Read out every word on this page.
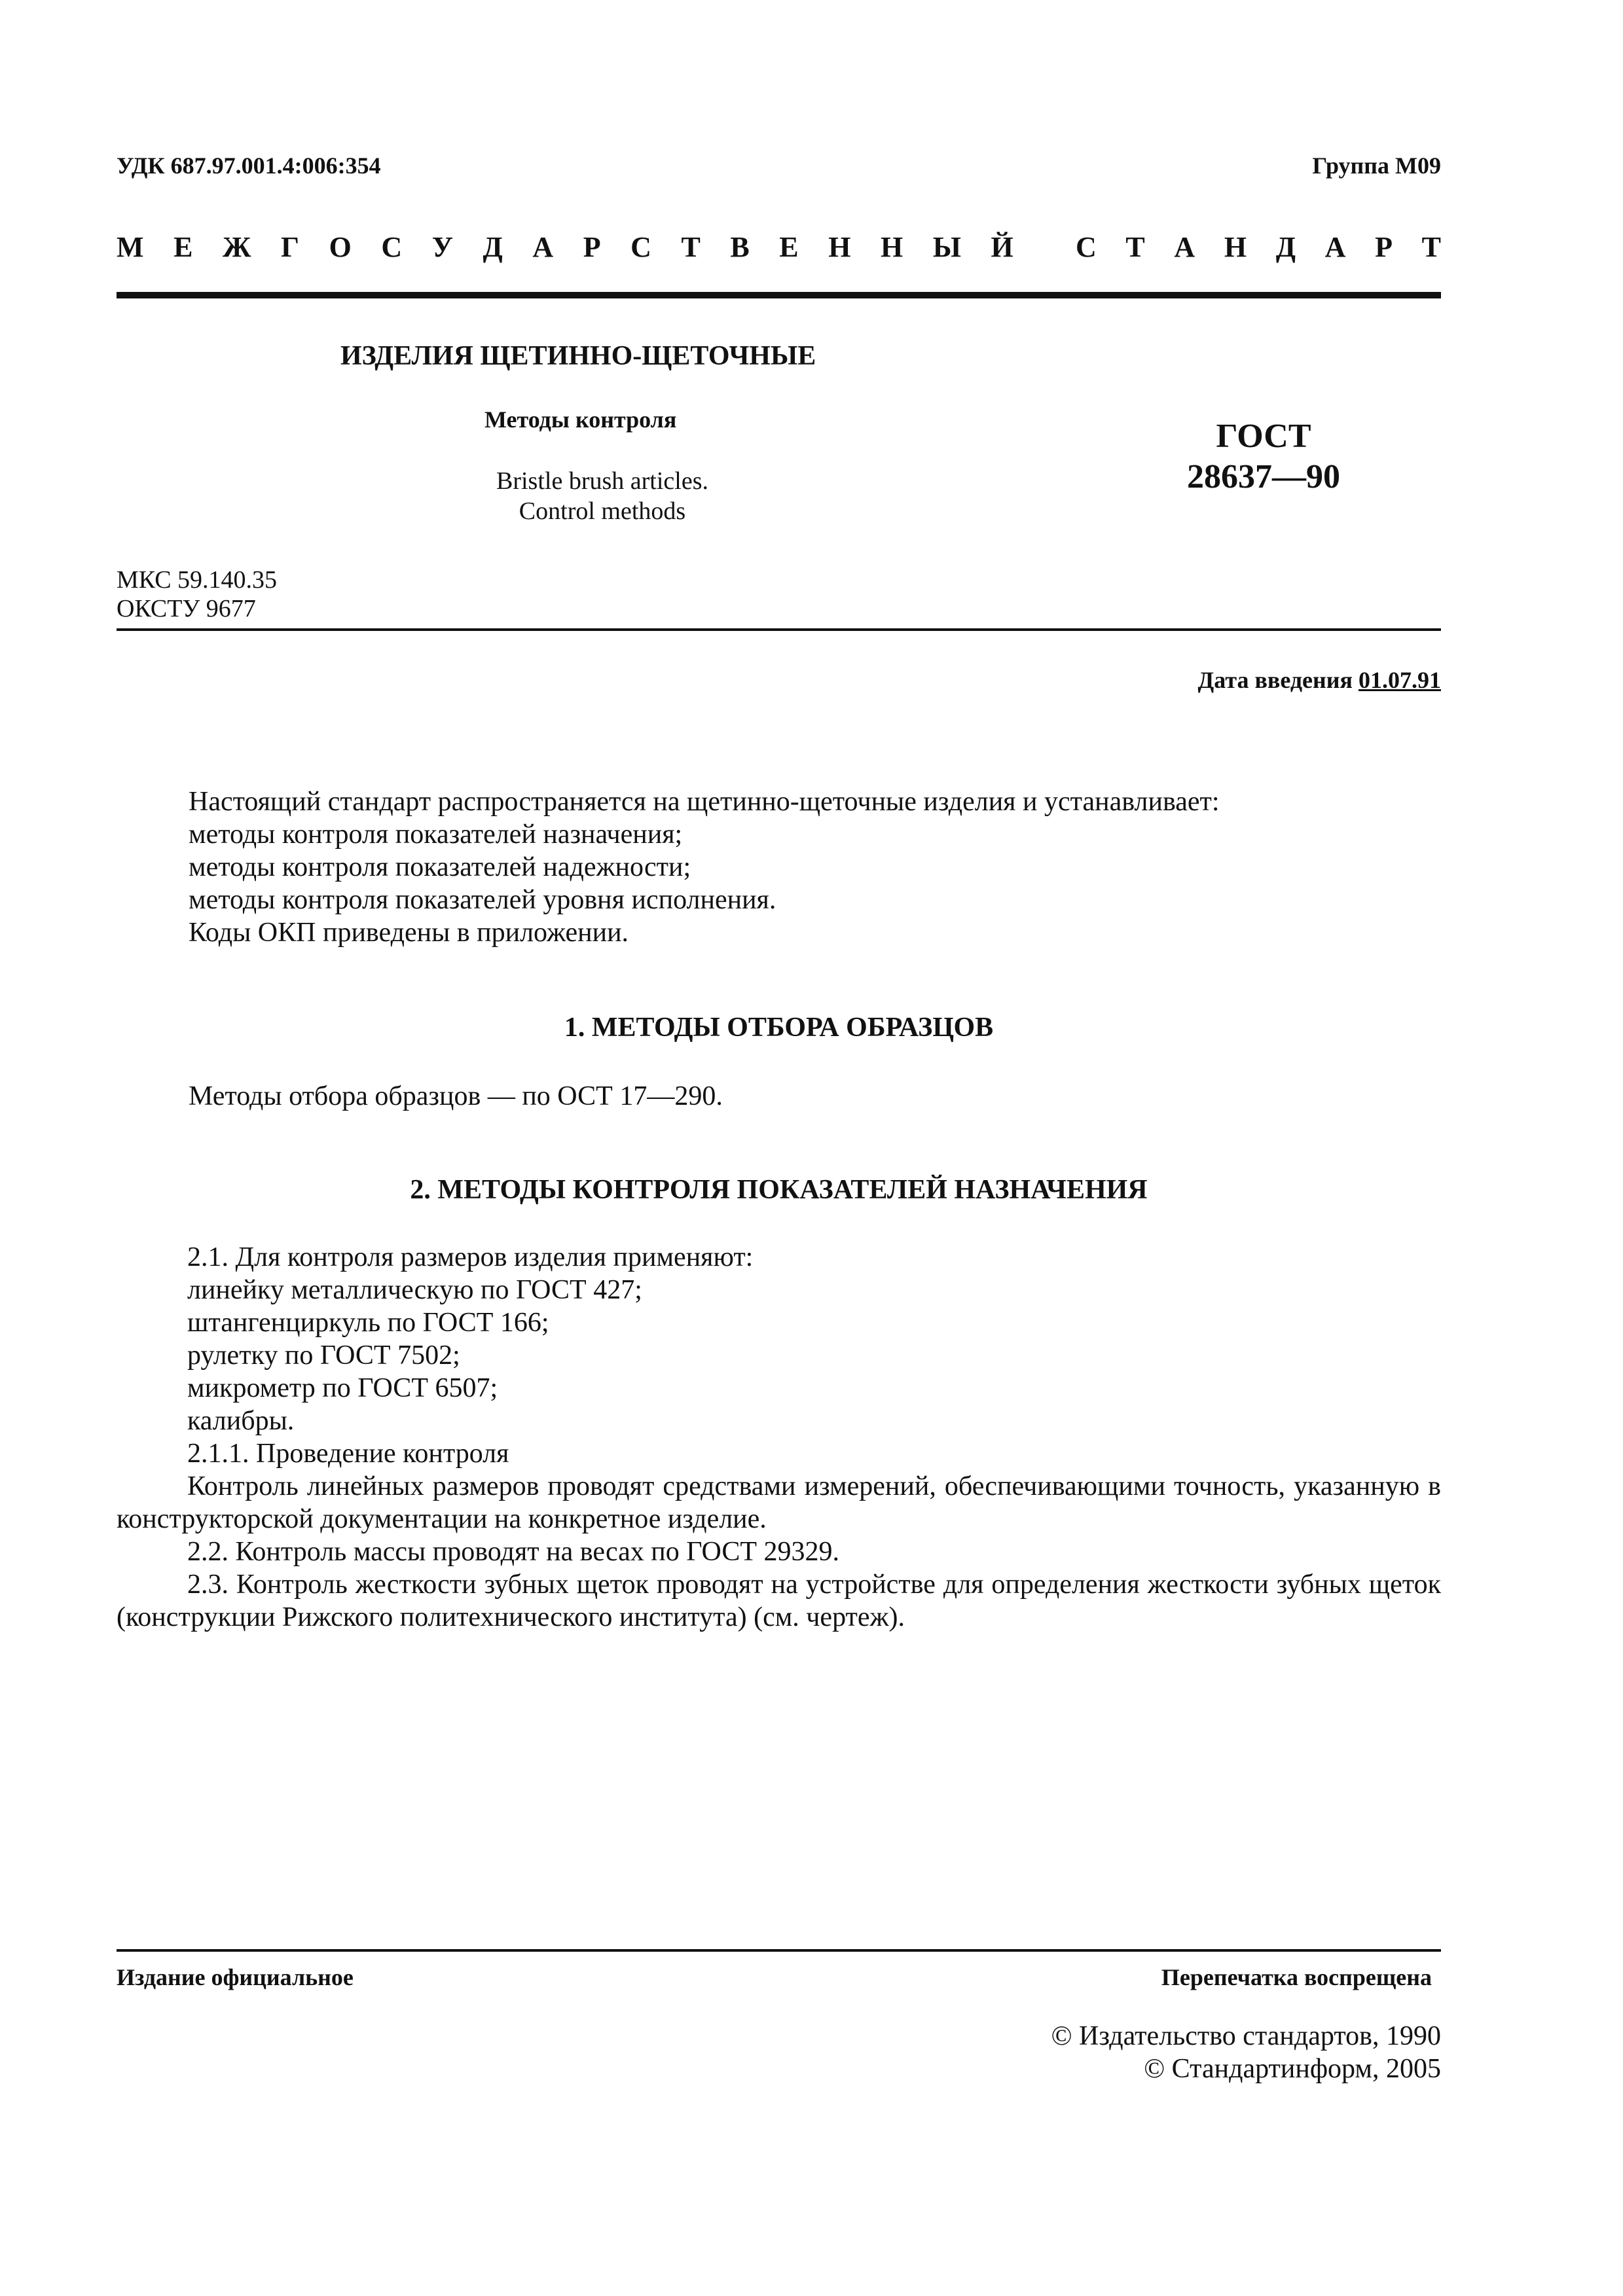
УДК 687.97.001.4:006:354	Группа М09
М Е Ж Г О С У Д А Р С Т В Е Н Н Ы Й С Т А Н Д А Р Т
ИЗДЕЛИЯ ЩЕТИННО-ЩЕТОЧНЫЕ
Методы контроля
Bristle brush articles.
Control methods
ГОСТ
28637—90
МКС 59.140.35
ОКСТУ 9677
Дата введения 01.07.91
Настоящий стандарт распространяется на щетинно-щеточные изделия и устанавливает:
методы контроля показателей назначения;
методы контроля показателей надежности;
методы контроля показателей уровня исполнения.
Коды ОКП приведены в приложении.
1. МЕТОДЫ ОТБОРА ОБРАЗЦОВ
Методы отбора образцов — по ОСТ 17—290.
2. МЕТОДЫ КОНТРОЛЯ ПОКАЗАТЕЛЕЙ НАЗНАЧЕНИЯ
2.1. Для контроля размеров изделия применяют:
линейку металлическую по ГОСТ 427;
штангенциркуль по ГОСТ 166;
рулетку по ГОСТ 7502;
микрометр по ГОСТ 6507;
калибры.
2.1.1. Проведение контроля
Контроль линейных размеров проводят средствами измерений, обеспечивающими точность, указанную в конструкторской документации на конкретное изделие.
2.2. Контроль массы проводят на весах по ГОСТ 29329.
2.3. Контроль жесткости зубных щеток проводят на устройстве для определения жесткости зубных щеток (конструкции Рижского политехнического института) (см. чертеж).
Издание официальное	Перепечатка воспрещена
© Издательство стандартов, 1990
© Стандартинформ, 2005
